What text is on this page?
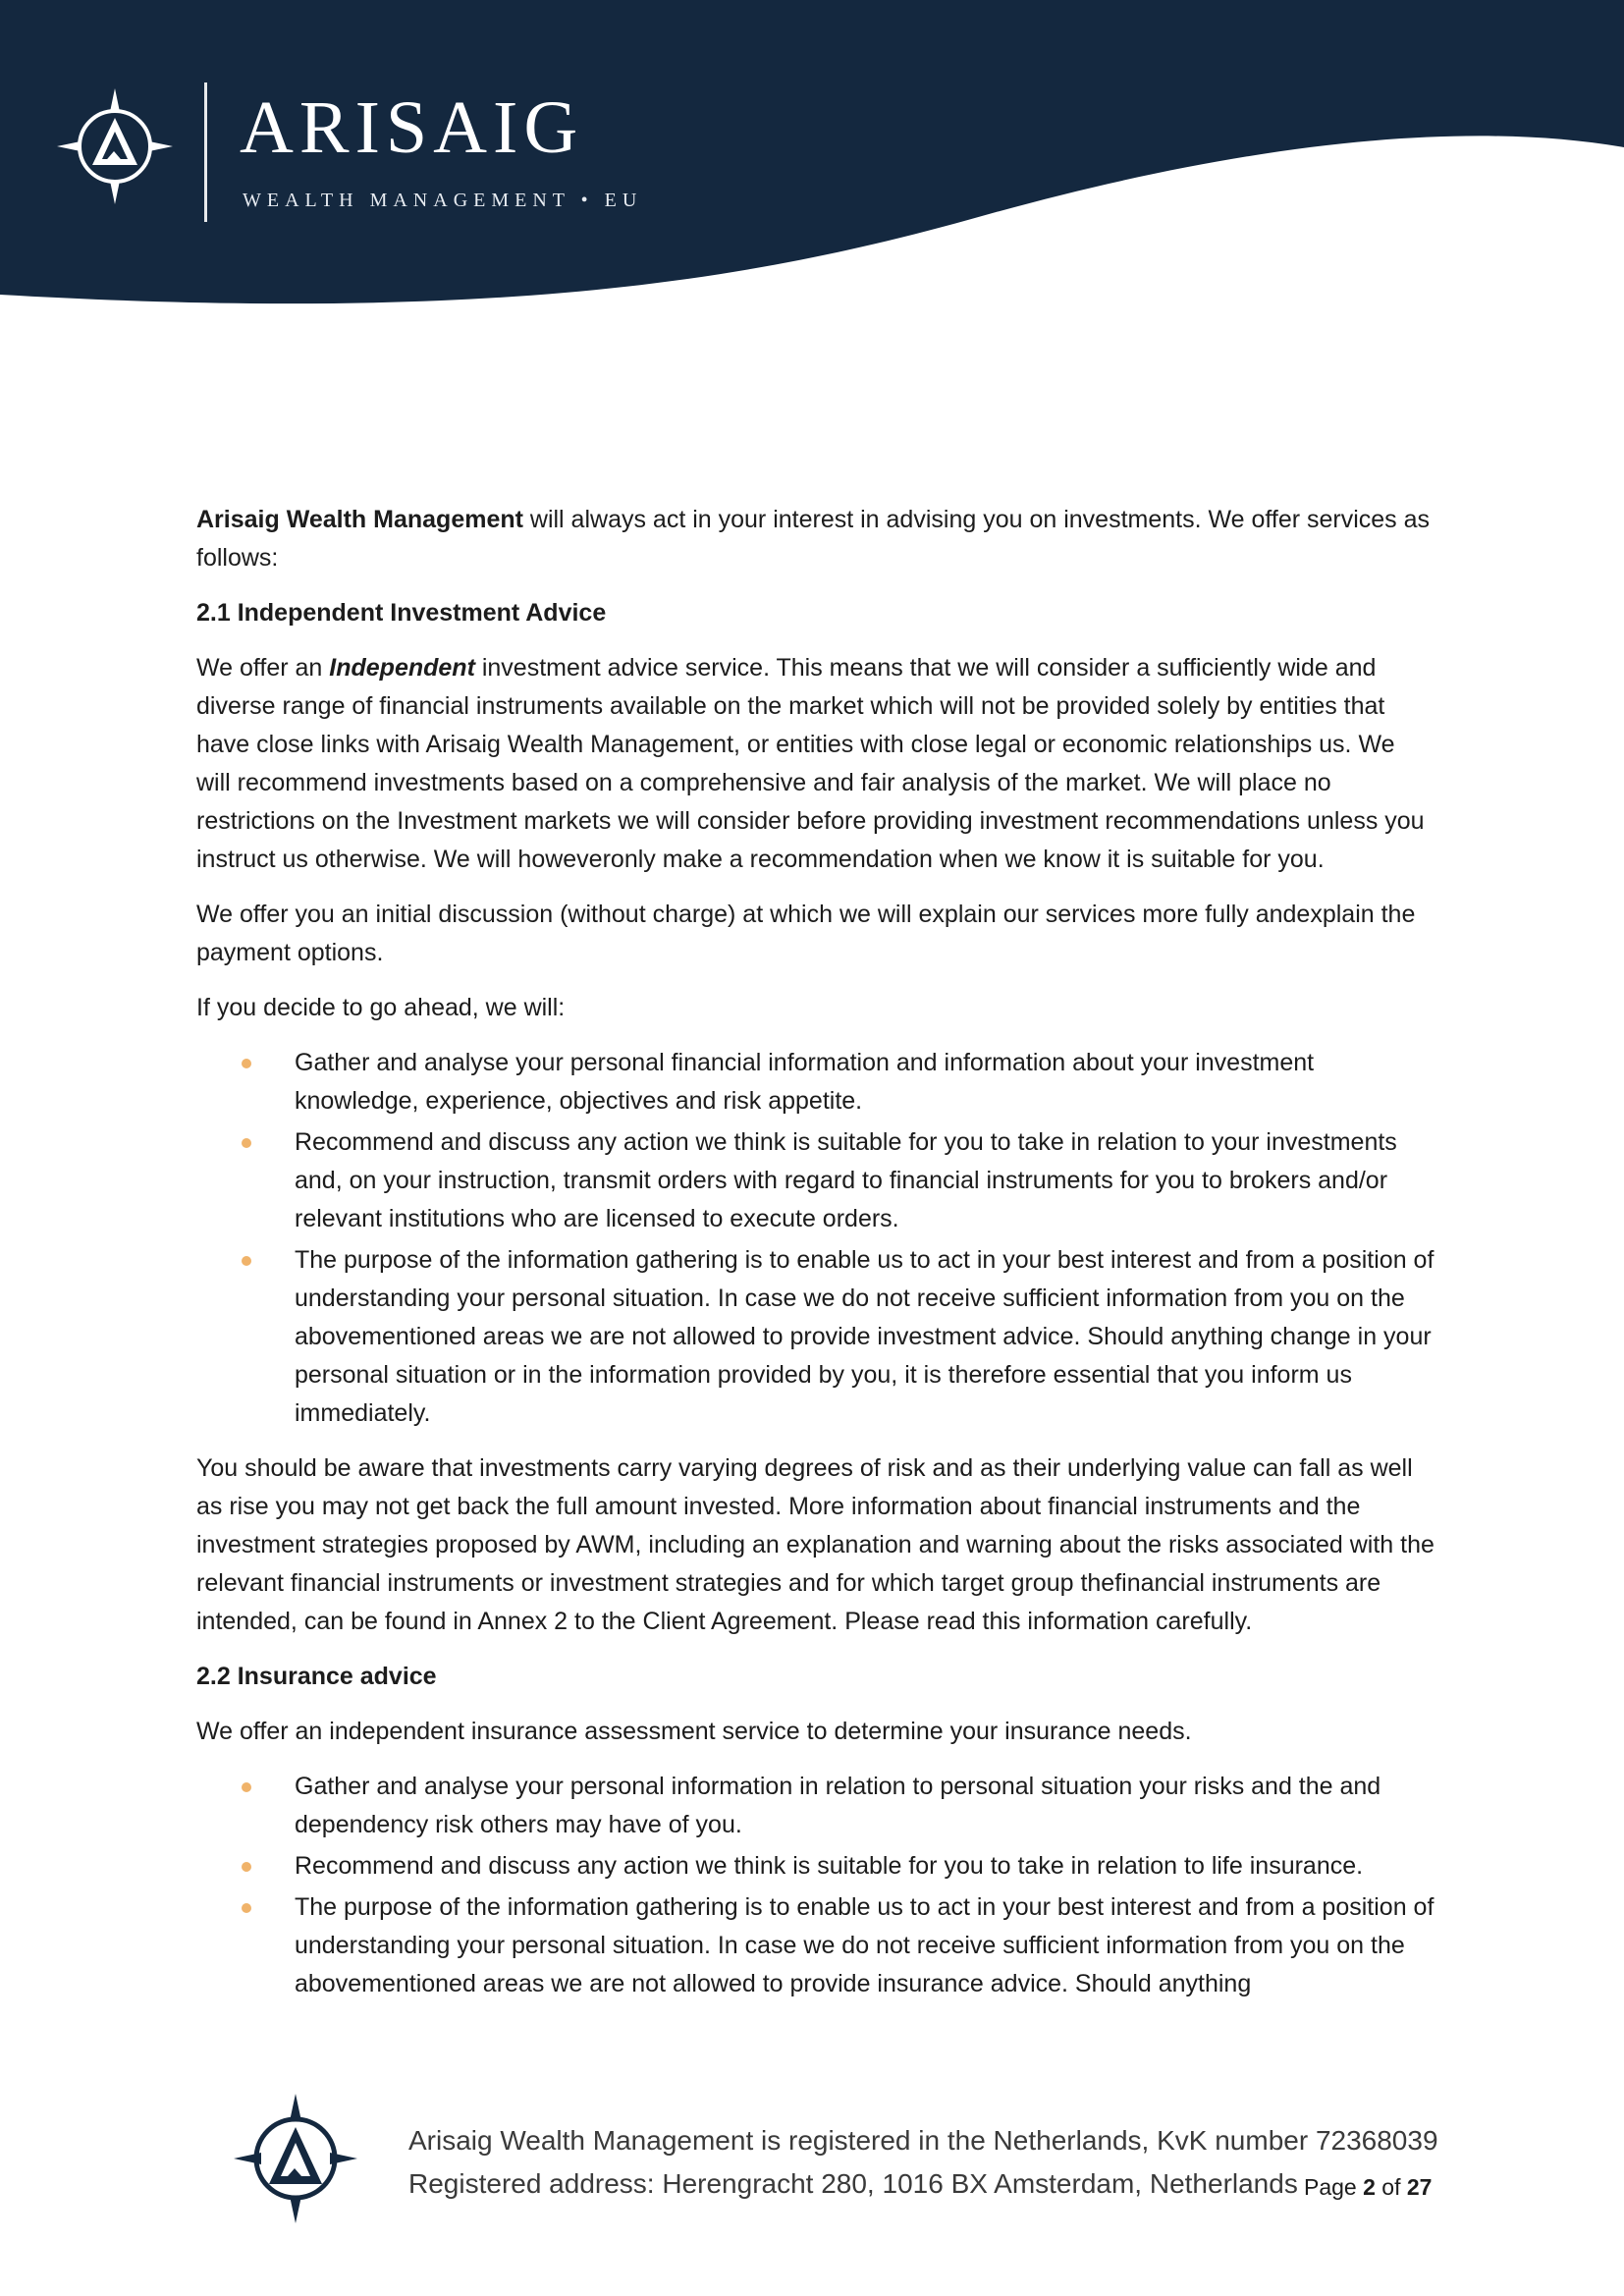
ARISAIG
WEALTH MANAGEMENT • EU

Arisaig Wealth Management will always act in your interest in advising you on investments. We offer services as follows:

2.1 Independent Investment Advice

We offer an Independent investment advice service. This means that we will consider a sufficiently wide and diverse range of financial instruments available on the market which will not be provided solely by entities that have close links with Arisaig Wealth Management, or entities with close legal or economic relationships us. We will recommend investments based on a comprehensive and fair analysis of the market. We will place no restrictions on the Investment markets we will consider before providing investment recommendations unless you instruct us otherwise. We will howeveronly make a recommendation when we know it is suitable for you.

We offer you an initial discussion (without charge) at which we will explain our services more fully andexplain the payment options.

If you decide to go ahead, we will:

Gather and analyse your personal financial information and information about your investment knowledge, experience, objectives and risk appetite.
Recommend and discuss any action we think is suitable for you to take in relation to your investments and, on your instruction, transmit orders with regard to financial instruments for you to brokers and/or relevant institutions who are licensed to execute orders.
The purpose of the information gathering is to enable us to act in your best interest and from a position of understanding your personal situation. In case we do not receive sufficient information from you on the abovementioned areas we are not allowed to provide investment advice. Should anything change in your personal situation or in the information provided by you, it is therefore essential that you inform us immediately.

You should be aware that investments carry varying degrees of risk and as their underlying value can fall as well as rise you may not get back the full amount invested. More information about financial instruments and the investment strategies proposed by AWM, including an explanation and warning about the risks associated with the relevant financial instruments or investment strategies and for which target group thefinancial instruments are intended, can be found in Annex 2 to the Client Agreement. Please read this information carefully.

2.2 Insurance advice

We offer an independent insurance assessment service to determine your insurance needs.

Gather and analyse your personal information in relation to personal situation your risks and the and dependency risk others may have of you.
Recommend and discuss any action we think is suitable for you to take in relation to life insurance.
The purpose of the information gathering is to enable us to act in your best interest and from a position of understanding your personal situation. In case we do not receive sufficient information from you on the abovementioned areas we are not allowed to provide insurance advice. Should anything
Arisaig Wealth Management is registered in the Netherlands, KvK number 72368039
Registered address: Herengracht 280, 1016 BX Amsterdam, Netherlands Page 2 of 27
